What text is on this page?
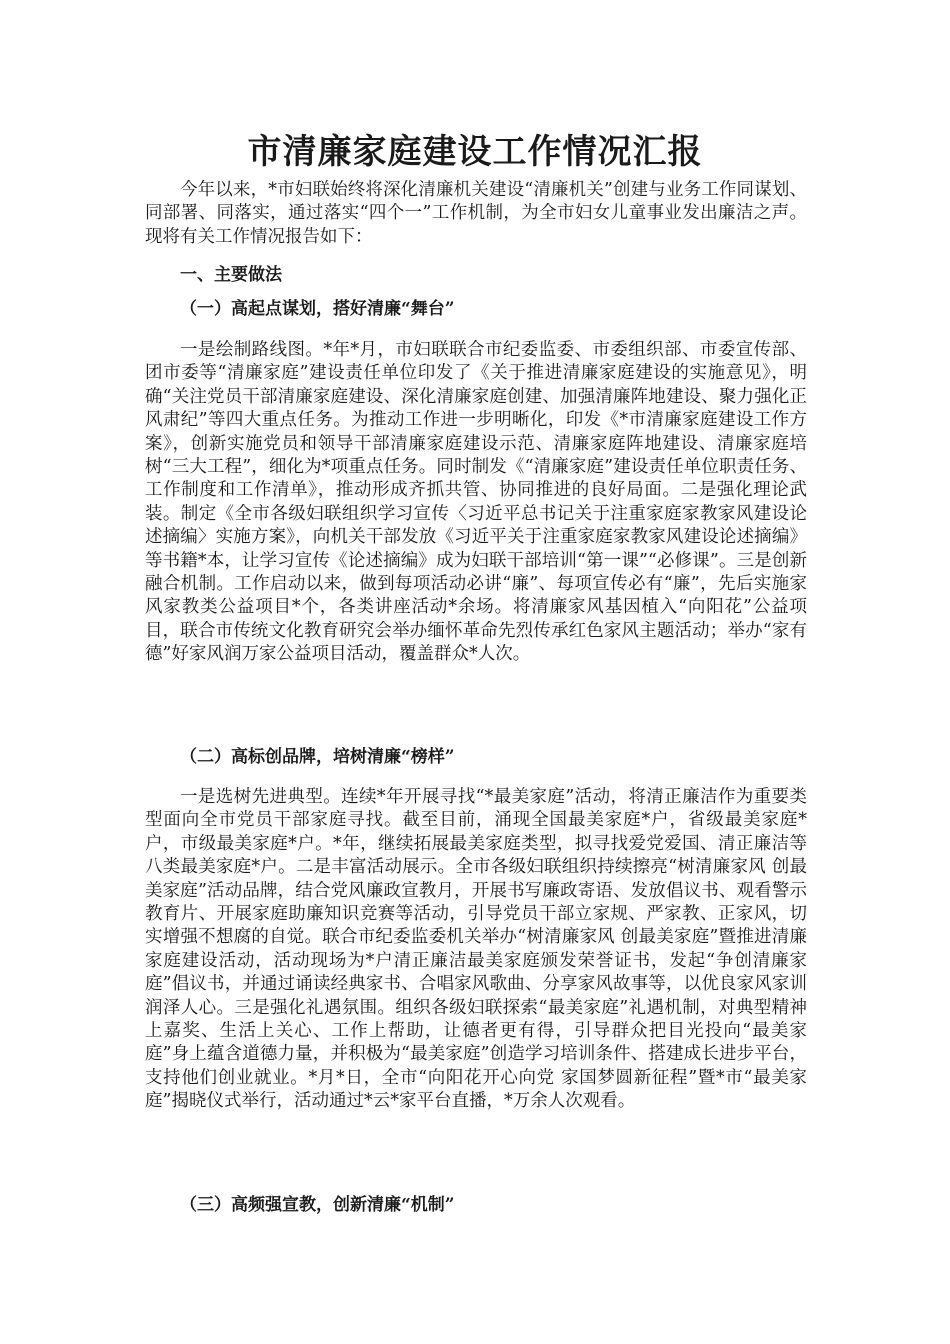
市清廉家庭建设工作情况汇报

今年以来，*市妇联始终将深化清廉机关建设“清廉机关”创建与业务工作同谋划、同部署、同落实，通过落实“四个一”工作机制，为全市妇女儿童事业发出廉洁之声。现将有关工作情况报告如下：

一、主要做法

（一）高起点谋划，搭好清廉“舞台”

一是绘制路线图。*年*月，市妇联联合市纪委监委、市委组织部、市委宣传部、团市委等“清廉家庭”建设责任单位印发了《关于推进清廉家庭建设的实施意见》，明确“关注党员干部清廉家庭建设、深化清廉家庭创建、加强清廉阵地建设、聚力强化正风肃纪”等四大重点任务。为推动工作进一步明晰化，印发《*市清廉家庭建设工作方案》，创新实施党员和领导干部清廉家庭建设示范、清廉家庭阵地建设、清廉家庭培树“三大工程”，细化为*项重点任务。同时制发《“清廉家庭”建设责任单位职责任务、工作制度和工作清单》，推动形成齐抓共管、协同推进的良好局面。二是强化理论武装。制定《全市各级妇联组织学习宣传〈习近平总书记关于注重家庭家教家风建设论述摘编〉实施方案》，向机关干部发放《习近平关于注重家庭家教家风建设论述摘编》等书籍*本，让学习宣传《论述摘编》成为妇联干部培训“第一课”“必修课”。三是创新融合机制。工作启动以来，做到每项活动必讲“廉”、每项宣传必有“廉”，先后实施家风家教类公益项目*个，各类讲座活动*余场。将清廉家风基因植入“向阳花”公益项目，联合市传统文化教育研究会举办缅怀革命先烈传承红色家风主题活动；举办“家有德”好家风润万家公益项目活动，覆盖群众*人次。

（二）高标创品牌，培树清廉“榜样”

一是选树先进典型。连续*年开展寻找“*最美家庭”活动，将清正廉洁作为重要类型面向全市党员干部家庭寻找。截至目前，涌现全国最美家庭*户，省级最美家庭*户，市级最美家庭*户。*年，继续拓展最美家庭类型，拟寻找爱党爱国、清正廉洁等八类最美家庭*户。二是丰富活动展示。全市各级妇联组织持续擦亮“树清廉家风 创最美家庭”活动品牌，结合党风廉政宣教月，开展书写廉政寄语、发放倡议书、观看警示教育片、开展家庭助廉知识竞赛等活动，引导党员干部立家规、严家教、正家风，切实增强不想腐的自觉。联合市纪委监委机关举办“树清廉家风 创最美家庭”暨推进清廉家庭建设活动，活动现场为*户清正廉洁最美家庭颁发荣誉证书，发起“争创清廉家庭”倡议书，并通过诵读经典家书、合唱家风歌曲、分享家风故事等，以优良家风家训润泽人心。三是强化礼遇氛围。组织各级妇联探索“最美家庭”礼遇机制，对典型精神上嘉奖、生活上关心、工作上帮助，让德者更有得，引导群众把目光投向“最美家庭”身上蕴含道德力量，并积极为“最美家庭”创造学习培训条件、搭建成长进步平台，支持他们创业就业。*月*日，全市“向阳花开心向党 家国梦圆新征程”暨*市“最美家庭”揭晓仪式举行，活动通过*云*家平台直播，*万余人次观看。

（三）高频强宣教，创新清廉“机制”
